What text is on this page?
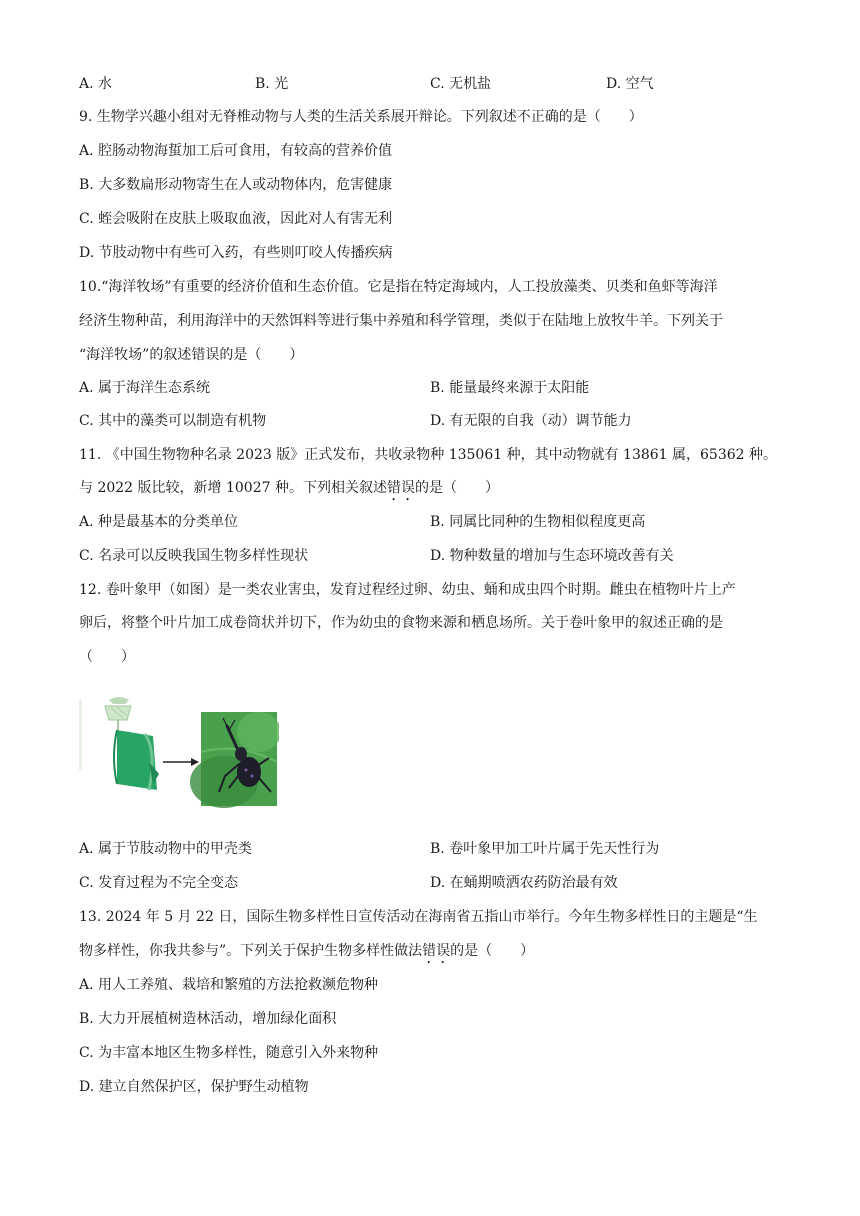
A. 水	B. 光	C. 无机盐	D. 空气
9. 生物学兴趣小组对无脊椎动物与人类的生活关系展开辩论。下列叙述不正确的是（　　）
A. 腔肠动物海蜇加工后可食用，有较高的营养价值
B. 大多数扁形动物寄生在人或动物体内，危害健康
C. 蛭会吸附在皮肤上吸取血液，因此对人有害无利
D. 节肢动物中有些可入药，有些则叮咬人传播疾病
10.“海洋牧场”有重要的经济价值和生态价值。它是指在特定海域内，人工投放藻类、贝类和鱼虾等海洋
经济生物种苗，利用海洋中的天然饵料等进行集中养殖和科学管理，类似于在陆地上放牧牛羊。下列关于
“海洋牧场”的叙述错误的是（　　）
A. 属于海洋生态系统	B. 能量最终来源于太阳能
C. 其中的藻类可以制造有机物	D. 有无限的自我（动）调节能力
11. 《中国生物物种名录 2023 版》正式发布，共收录物种 135061 种，其中动物就有 13861 属，65362 种。
与 2022 版比较，新增 10027 种。下列相关叙述错误的是（　　）
A. 种是最基本的分类单位	B. 同属比同种的生物相似程度更高
C. 名录可以反映我国生物多样性现状	D. 物种数量的增加与生态环境改善有关
12. 卷叶象甲（如图）是一类农业害虫，发育过程经过卵、幼虫、蛹和成虫四个时期。雌虫在植物叶片上产
卵后，将整个叶片加工成卷筒状并切下，作为幼虫的食物来源和栖息场所。关于卷叶象甲的叙述正确的是
（　　）
A. 属于节肢动物中的甲壳类	B. 卷叶象甲加工叶片属于先天性行为
C. 发育过程为不完全变态	D. 在蛹期喷洒农药防治最有效
13. 2024 年 5 月 22 日，国际生物多样性日宣传活动在海南省五指山市举行。今年生物多样性日的主题是“生
物多样性，你我共参与”。下列关于保护生物多样性做法错误的是（　　）
A. 用人工养殖、栽培和繁殖的方法抢救濒危物种
B. 大力开展植树造林活动，增加绿化面积
C. 为丰富本地区生物多样性，随意引入外来物种
D. 建立自然保护区，保护野生动植物
